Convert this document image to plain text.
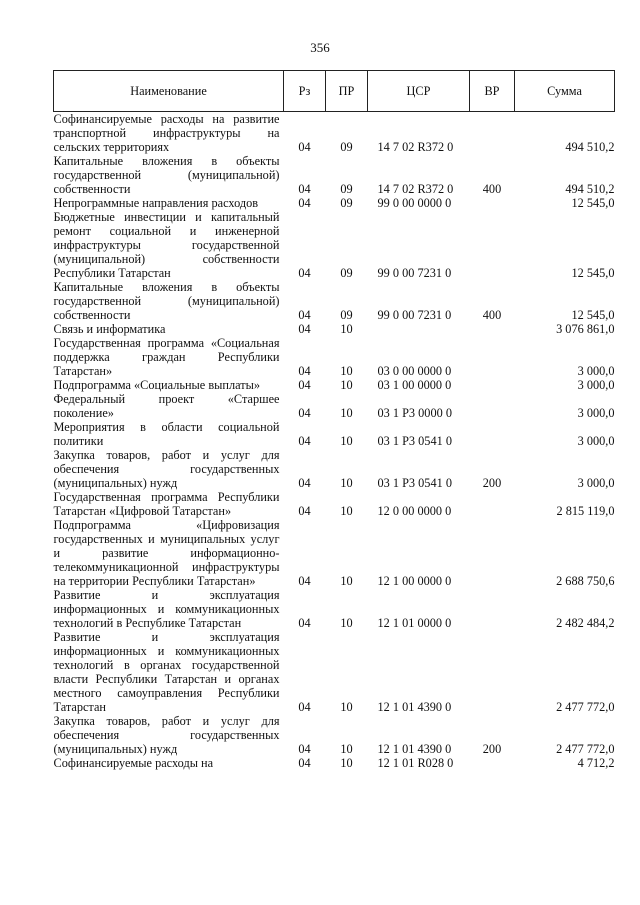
356
Наименование	Рз	ПР	ЦСР	ВР	Сумма
Софинансируемые расходы на развитие транспортной инфраструктуры на сельских территориях	04	09	14 7 02 R372 0		494 510,2
Капитальные вложения в объекты государственной (муниципальной) собственности	04	09	14 7 02 R372 0	400	494 510,2
Непрограммные направления расходов	04	09	99 0 00 0000 0		12 545,0
Бюджетные инвестиции и капитальный ремонт социальной и инженерной инфраструктуры государственной (муниципальной) собственности Республики Татарстан	04	09	99 0 00 7231 0		12 545,0
Капитальные вложения в объекты государственной (муниципальной) собственности	04	09	99 0 00 7231 0	400	12 545,0
Связь и информатика	04	10			3 076 861,0
Государственная программа «Социальная поддержка граждан Республики Татарстан»	04	10	03 0 00 0000 0		3 000,0
Подпрограмма «Социальные выплаты»	04	10	03 1 00 0000 0		3 000,0
Федеральный проект «Старшее поколение»	04	10	03 1 P3 0000 0		3 000,0
Мероприятия в области социальной политики	04	10	03 1 P3 0541 0		3 000,0
Закупка товаров, работ и услуг для обеспечения государственных (муниципальных) нужд	04	10	03 1 P3 0541 0	200	3 000,0
Государственная программа Республики Татарстан «Цифровой Татарстан»	04	10	12 0 00 0000 0		2 815 119,0
Подпрограмма «Цифровизация государственных и муниципальных услуг и развитие информационно-телекоммуникационной инфраструктуры на территории Республики Татарстан»	04	10	12 1 00 0000 0		2 688 750,6
Развитие и эксплуатация информационных и коммуникационных технологий в Республике Татарстан	04	10	12 1 01 0000 0		2 482 484,2
Развитие и эксплуатация информационных и коммуникационных технологий в органах государственной власти Республики Татарстан и органах местного самоуправления Республики Татарстан	04	10	12 1 01 4390 0		2 477 772,0
Закупка товаров, работ и услуг для обеспечения государственных (муниципальных) нужд	04	10	12 1 01 4390 0	200	2 477 772,0
Софинансируемые расходы на	04	10	12 1 01 R028 0		4 712,2
